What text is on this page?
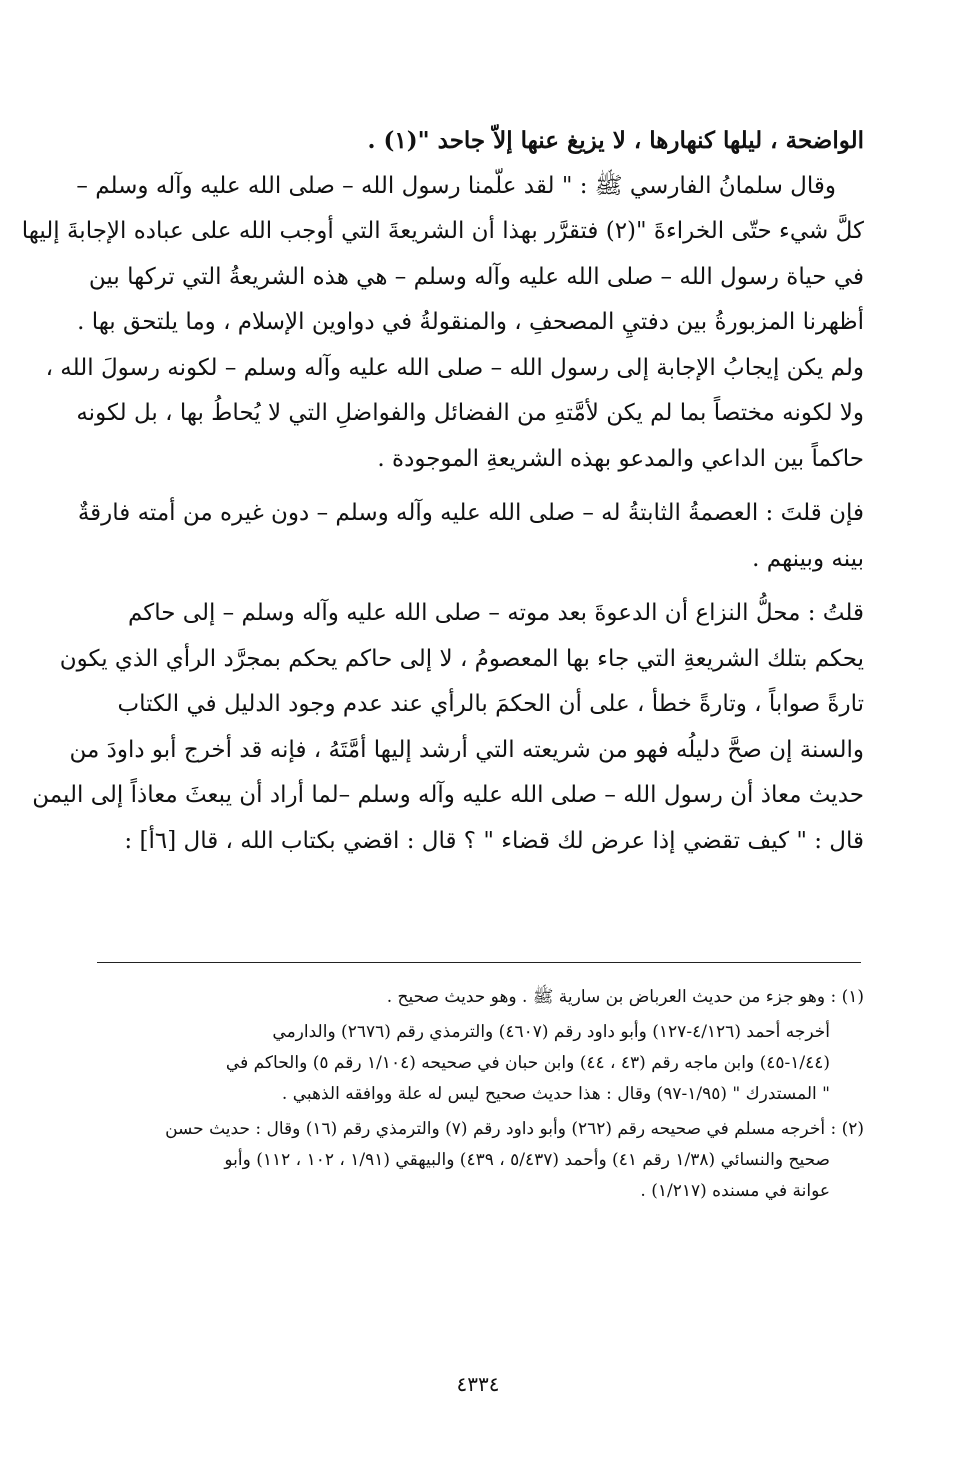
الواضحة ، ليلها كنهارها ، لا يزيغ عنها إلاّ جاحد "(١) .
وقال سلمانُ الفارسي ﷺ : " لقد علّمنا رسول الله – صلى الله عليه وآله وسلم –
كلَّ شيء حتّى الخراءةَ "(٢) فتقرَّر بهذا أن الشريعةَ التي أوجب الله على عباده الإجابةَ إليها
في حياة رسول الله – صلى الله عليه وآله وسلم – هي هذه الشريعةُ التي تركها بين
أظهرنا المزبورةُ بين دفتيِ المصحفِ ، والمنقولةُ في دواوين الإسلام ، وما يلتحق بها .
ولم يكن إيجابُ الإجابة إلى رسول الله – صلى الله عليه وآله وسلم – لكونه رسولَ الله ،
ولا لكونه مختصاً بما لم يكن لأمَّتهِ من الفضائل والفواضلِ التي لا يُحاطُ بها ، بل لكونه
حاكماً بين الداعي والمدعو بهذه الشريعةِ الموجودة .
فإن قلتَ : العصمةُ الثابتةُ له – صلى الله عليه وآله وسلم – دون غيره من أمته فارقةٌ
بينه وبينهم .
قلتُ : محلُّ النزاع أن الدعوةَ بعد موته – صلى الله عليه وآله وسلم – إلى حاكم
يحكم بتلك الشريعةِ التي جاء بها المعصومُ ، لا إلى حاكم يحكم بمجرَّد الرأي الذي يكون
تارةً صواباً ، وتارةً خطأ ، على أن الحكمَ بالرأي عند عدم وجود الدليل في الكتاب
والسنة إن صحَّ دليلُه فهو من شريعته التي أرشد إليها أمَّتَهُ ، فإنه قد أخرج أبو داودَ من
حديث معاذ أن رسول الله – صلى الله عليه وآله وسلم –لما أراد أن يبعثَ معاذاً إلى اليمن
قال : " كيف تقضي إذا عرض لك قضاء " ؟ قال : اقضي بكتاب الله ، قال [٦أ] :
(١) : وهو جزء من حديث العرباض بن سارية ﷺ . وهو حديث صحيح .
أخرجه أحمد (٤/١٢٦-١٢٧) وأبو داود رقم (٤٦٠٧) والترمذي رقم (٢٦٧٦) والدارمي
(١/٤٤-٤٥) وابن ماجه رقم (٤٣ ، ٤٤) وابن حبان في صحيحه (١/١٠٤ رقم ٥) والحاكم في
" المستدرك " (١/٩٥-٩٧) وقال : هذا حديث صحيح ليس له علة ووافقه الذهبي .
(٢) : أخرجه مسلم في صحيحه رقم (٢٦٢) وأبو داود رقم (٧) والترمذي رقم (١٦) وقال : حديث حسن
صحيح والنسائي (١/٣٨ رقم ٤١) وأحمد (٥/٤٣٧ ، ٤٣٩) والبيهقي (١/٩١ ، ١٠٢ ، ١١٢) وأبو
عوانة في مسنده (١/٢١٧) .
٤٣٣٤
